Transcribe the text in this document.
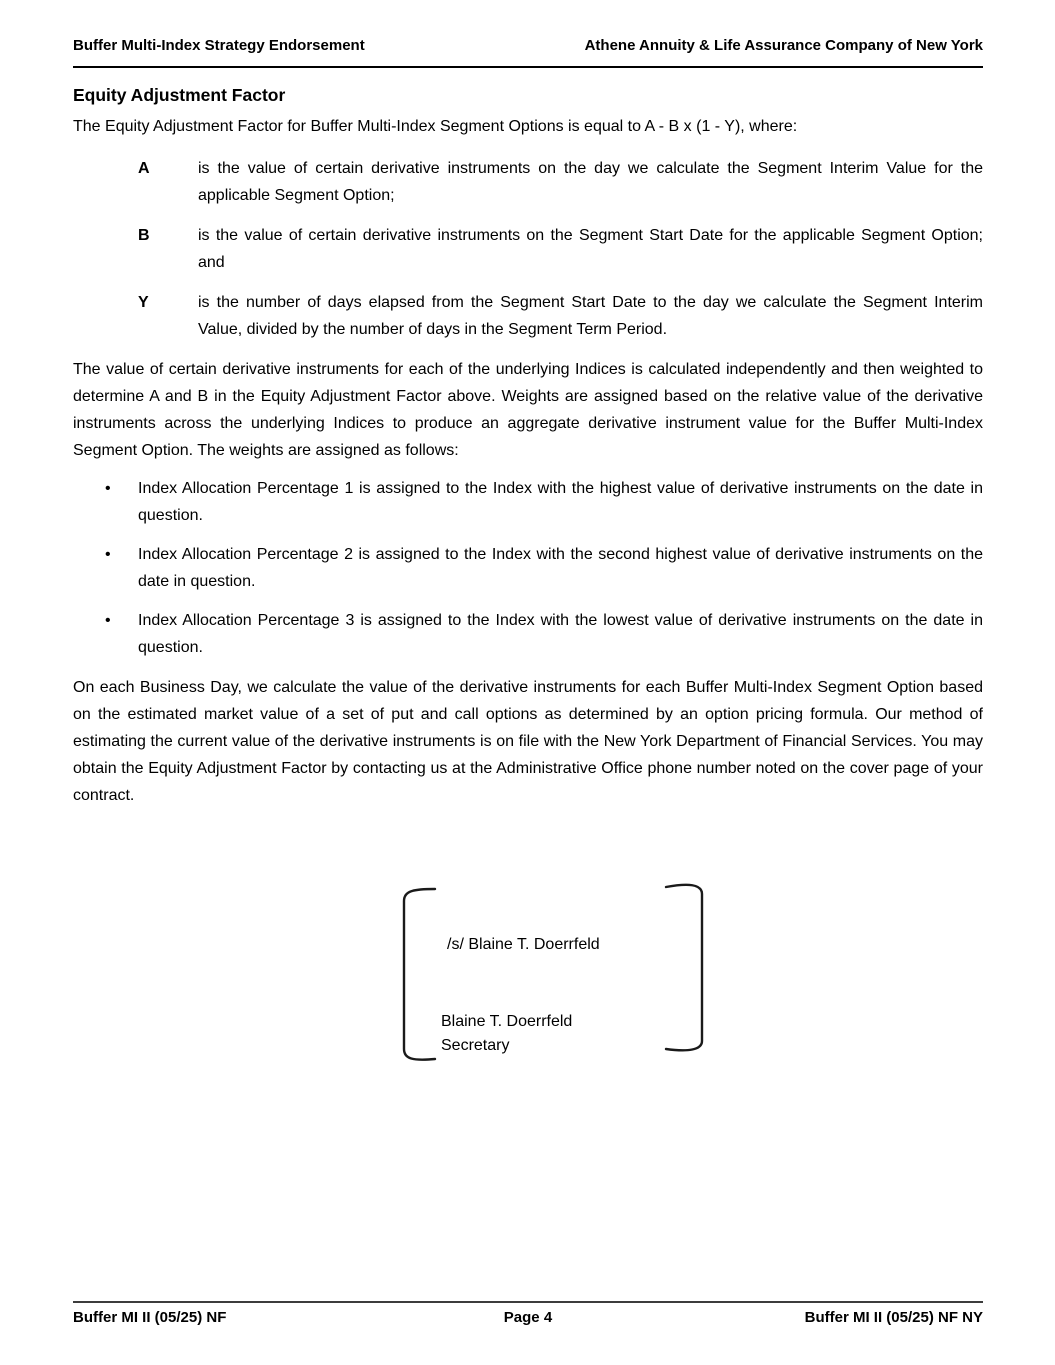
Buffer Multi-Index Strategy Endorsement	Athene Annuity & Life Assurance Company of New York
Equity Adjustment Factor

The Equity Adjustment Factor for Buffer Multi-Index Segment Options is equal to A - B x (1 - Y), where:

A	is the value of certain derivative instruments on the day we calculate the Segment Interim Value for the applicable Segment Option;
B	is the value of certain derivative instruments on the Segment Start Date for the applicable Segment Option; and
Y	is the number of days elapsed from the Segment Start Date to the day we calculate the Segment Interim Value, divided by the number of days in the Segment Term Period.

The value of certain derivative instruments for each of the underlying Indices is calculated independently and then weighted to determine A and B in the Equity Adjustment Factor above. Weights are assigned based on the relative value of the derivative instruments across the underlying Indices to produce an aggregate derivative instrument value for the Buffer Multi-Index Segment Option. The weights are assigned as follows:

•
Index Allocation Percentage 1 is assigned to the Index with the highest value of derivative instruments on the date in question.
•
Index Allocation Percentage 2 is assigned to the Index with the second highest value of derivative instruments on the date in question.
•
Index Allocation Percentage 3 is assigned to the Index with the lowest value of derivative instruments on the date in question.

On each Business Day, we calculate the value of the derivative instruments for each Buffer Multi-Index Segment Option based on the estimated market value of a set of put and call options as determined by an option pricing formula. Our method of estimating the current value of the derivative instruments is on file with the New York Department of Financial Services. You may obtain the Equity Adjustment Factor by contacting us at the Administrative Office phone number noted on the cover page of your contract.

/s/ Blaine T. Doerrfeld
Blaine T. Doerrfeld
Secretary
Buffer MI II (05/25) NF	Page 4	Buffer MI II (05/25) NF NY
